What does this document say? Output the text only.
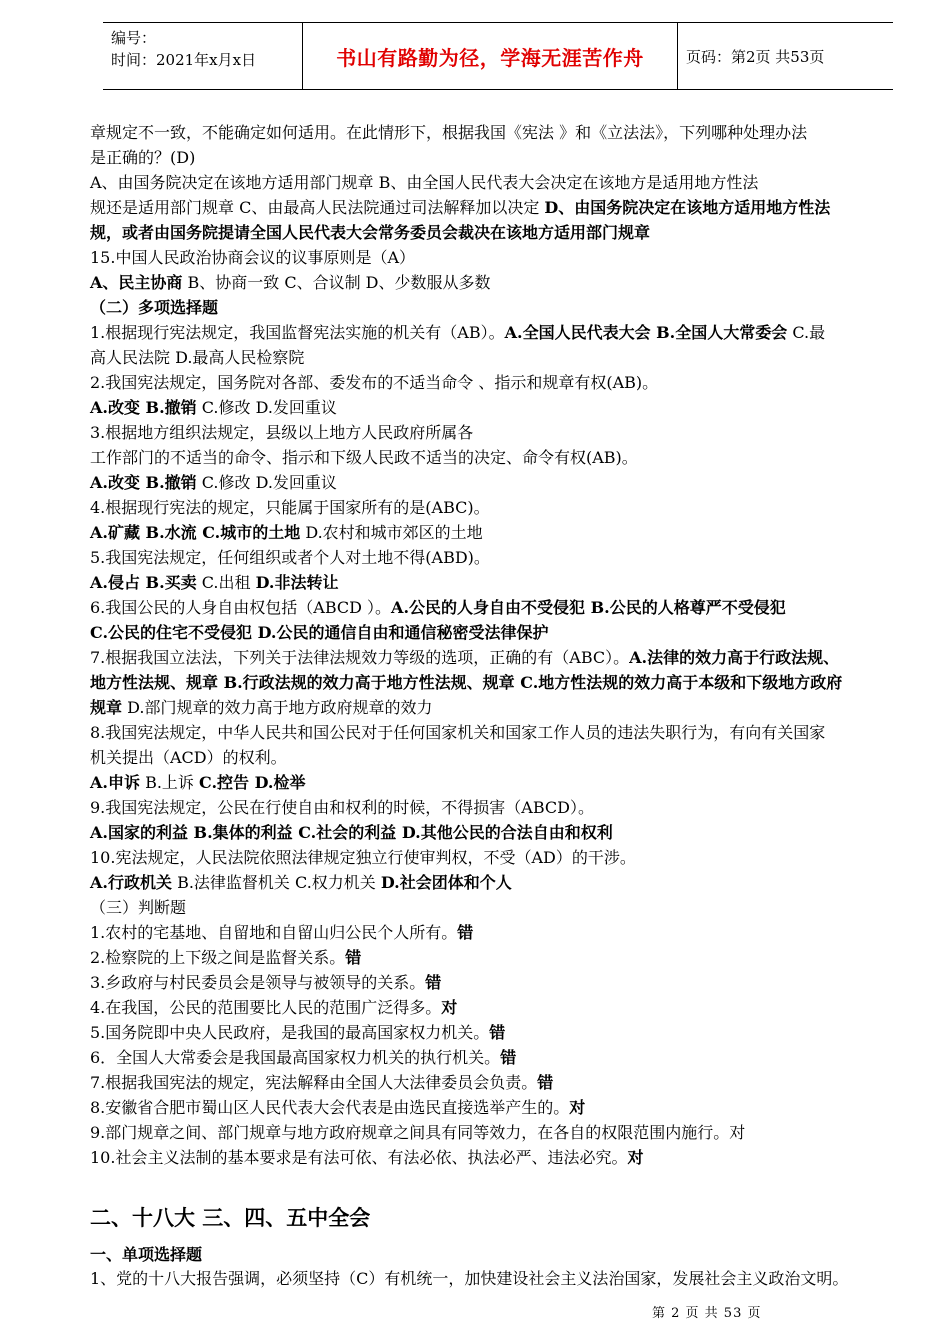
编号：
时间：2021年x月x日	书山有路勤为径，学海无涯苦作舟	页码：第2页 共53页
章规定不一致，不能确定如何适用。在此情形下，根据我国《宪法 》和《立法法》，下列哪种处理办法
是正确的？(D)
A、由国务院决定在该地方适用部门规章 B、由全国人民代表大会决定在该地方是适用地方性法
规还是适用部门规章 C、由最高人民法院通过司法解释加以决定 D、由国务院决定在该地方适用地方性法
规，或者由国务院提请全国人民代表大会常务委员会裁决在该地方适用部门规章
15.中国人民政治协商会议的议事原则是（A）
A、民主协商 B、协商一致 C、合议制 D、少数服从多数
（二）多项选择题
1.根据现行宪法规定，我国监督宪法实施的机关有（AB）。A.全国人民代表大会 B.全国人大常委会 C.最
高人民法院 D.最高人民检察院
2.我国宪法规定，国务院对各部、委发布的不适当命令 、指示和规章有权(AB)。
A.改变 B.撤销 C.修改 D.发回重议
3.根据地方组织法规定，县级以上地方人民政府所属各
工作部门的不适当的命令、指示和下级人民政不适当的决定、命令有权(AB)。
A.改变 B.撤销 C.修改 D.发回重议
4.根据现行宪法的规定，只能属于国家所有的是(ABC)。
A.矿藏 B.水流 C.城市的土地 D.农村和城市郊区的土地
5.我国宪法规定，任何组织或者个人对土地不得(ABD)。
A.侵占 B.买卖 C.出租 D.非法转让
6.我国公民的人身自由权包括（ABCD ）。A.公民的人身自由不受侵犯 B.公民的人格尊严不受侵犯
C.公民的住宅不受侵犯 D.公民的通信自由和通信秘密受法律保护
7.根据我国立法法，下列关于法律法规效力等级的选项，正确的有（ABC）。A.法律的效力高于行政法规、
地方性法规、规章 B.行政法规的效力高于地方性法规、规章 C.地方性法规的效力高于本级和下级地方政府
规章 D.部门规章的效力高于地方政府规章的效力
8.我国宪法规定，中华人民共和国公民对于任何国家机关和国家工作人员的违法失职行为，有向有关国家
机关提出（ACD）的权利。
A.申诉 B.上诉 C.控告 D.检举
9.我国宪法规定，公民在行使自由和权利的时候，不得损害（ABCD）。
A.国家的利益 B.集体的利益 C.社会的利益 D.其他公民的合法自由和权利
10.宪法规定，人民法院依照法律规定独立行使审判权，不受（AD）的干涉。
A.行政机关 B.法律监督机关 C.权力机关 D.社会团体和个人
（三）判断题
1.农村的宅基地、自留地和自留山归公民个人所有。错
2.检察院的上下级之间是监督关系。错
3.乡政府与村民委员会是领导与被领导的关系。错
4.在我国，公民的范围要比人民的范围广泛得多。对
5.国务院即中央人民政府，是我国的最高国家权力机关。错
6．全国人大常委会是我国最高国家权力机关的执行机关。错
7.根据我国宪法的规定，宪法解释由全国人大法律委员会负责。错
8.安徽省合肥市蜀山区人民代表大会代表是由选民直接选举产生的。对
9.部门规章之间、部门规章与地方政府规章之间具有同等效力，在各自的权限范围内施行。对
10.社会主义法制的基本要求是有法可依、有法必依、执法必严、违法必究。对
二、十八大 三、四、五中全会
一、单项选择题
1、党的十八大报告强调，必须坚持（C）有机统一，加快建设社会主义法治国家，发展社会主义政治文明。
第 2 页 共 53 页
